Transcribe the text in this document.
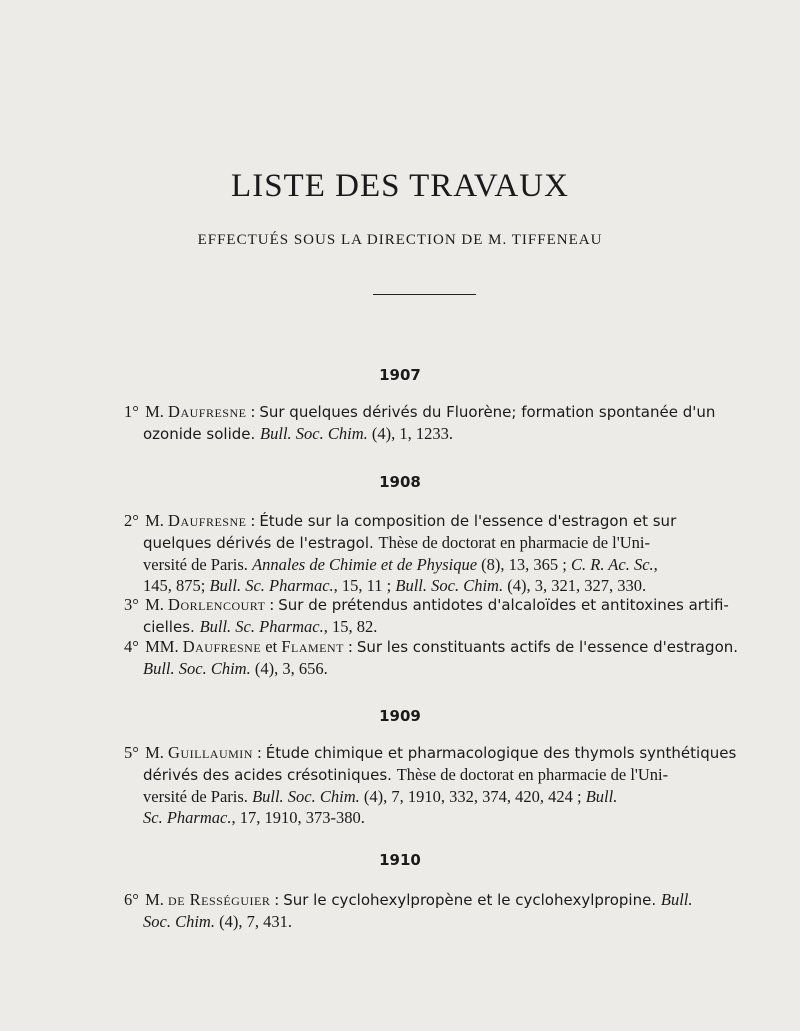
LISTE DES TRAVAUX
EFFECTUÉS SOUS LA DIRECTION DE M. TIFFENEAU
1907
1° M. Daufresne : Sur quelques dérivés du Fluorène; formation spontanée d'un
ozonide solide. Bull. Soc. Chim. (4), 1, 1233.
1908
2° M. Daufresne : Étude sur la composition de l'essence d'estragon et sur
quelques dérivés de l'estragol. Thèse de doctorat en pharmacie de l'Uni-
versité de Paris. Annales de Chimie et de Physique (8), 13, 365 ; C. R. Ac. Sc.,
145, 875; Bull. Sc. Pharmac., 15, 11 ; Bull. Soc. Chim. (4), 3, 321, 327, 330.
3° M. Dorlencourt : Sur de prétendus antidotes d'alcaloïdes et antitoxines artifi-
cielles. Bull. Sc. Pharmac., 15, 82.
4° MM. Daufresne et Flament : Sur les constituants actifs de l'essence d'estragon.
Bull. Soc. Chim. (4), 3, 656.
1909
5° M. Guillaumin : Étude chimique et pharmacologique des thymols synthétiques
dérivés des acides crésotiniques. Thèse de doctorat en pharmacie de l'Uni-
versité de Paris. Bull. Soc. Chim. (4), 7, 1910, 332, 374, 420, 424 ; Bull.
Sc. Pharmac., 17, 1910, 373-380.
1910
6° M. de Rességuier : Sur le cyclohexylpropène et le cyclohexylpropine. Bull.
Soc. Chim. (4), 7, 431.
